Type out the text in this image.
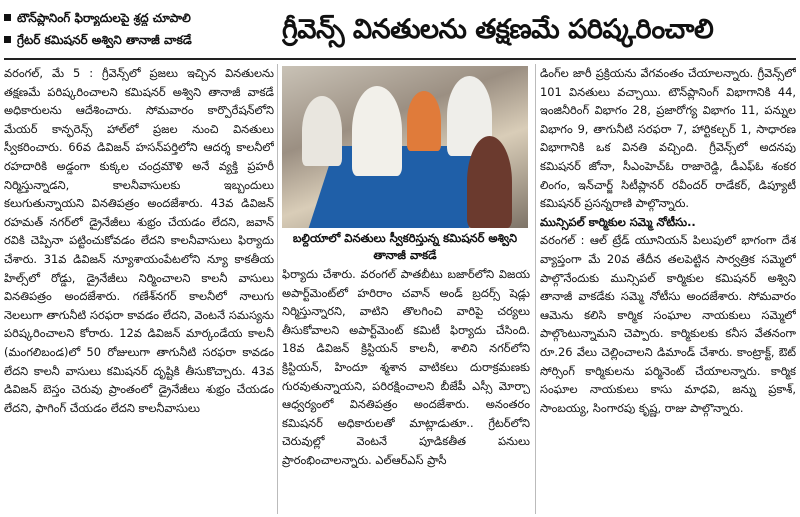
టౌన్‌ప్లానింగ్ ఫిర్యాదులపై శ్రద్ధ చూపాలి
గ్రేటర్ కమిషనర్ అశ్విని తానాజీ వాకడే	గ్రీవెన్స్ వినతులను తక్షణమే పరిష్కరించాలి

వరంగల్, మే 5 : గ్రీవెన్స్‌లో ప్రజలు ఇచ్చిన వినతులను తక్షణమే పరిష్కరించాలని కమిషనర్ అశ్విని తానాజీ వాకడే అధికారులను ఆదేశించారు. సోమవారం కార్పొరేషన్‌లోని మేయర్ కాన్ఫరెన్స్ హాల్‌లో ప్రజల నుంచి వినతులు స్వీకరించారు. 66వ డివిజన్ హసన్‌పర్తిలోని ఆదర్శ కాలనీలో రహదారికి అడ్డంగా కుక్కల చంద్రమౌళి అనే వ్యక్తి ప్రహరీ నిర్మిస్తున్నాడని, కాలనీవాసులకు ఇబ్బందులు కలుగుతున్నాయని వినతిపత్రం అందజేశారు. 43వ డివిజన్ రహమత్ నగర్‌లో డ్రైనేజీలు శుభ్రం చేయడం లేదని, జవాన్ రవికి చెప్పినా పట్టించుకోవడం లేదని కాలనీవాసులు ఫిర్యాదు చేశారు. 31వ డివిజన్ న్యూశాయంపేటలోని న్యూ కాకతీయ హిల్స్‌లో రోడ్డు, డ్రైనేజీలు నిర్మించాలని కాలనీ వాసులు వినతిపత్రం అందజేశారు. గణేశ్‌నగర్ కాలనీలో నాలుగు నెలలుగా తాగునీటి సరఫరా కావడం లేదని, వెంటనే సమస్యను పరిష్కరించాలని కోరారు. 12వ డివిజన్ మార్కండేయ కాలనీ (మంగలిబండ)లో 50 రోజులుగా తాగునీటి సరఫరా కావడం లేదని కాలనీ వాసులు కమిషనర్ దృష్టికి తీసుకొచ్చారు. 43వ డివిజన్ బెస్తం చెరువు ప్రాంతంలో డ్రైనేజీలు శుభ్రం చేయడం లేదని, ఫాగింగ్ చేయడం లేదని కాలనీవాసులు

బల్దియాలో వినతులు స్వీకరిస్తున్న కమిషనర్ అశ్విని తానాజీ వాకడే

ఫిర్యాదు చేశారు. వరంగల్ పాతబీటు బజార్‌లోని విజయ అపార్ట్‌మెంట్‌లో హరిరాం చవాన్ అండ్ బ్రదర్స్ షెడ్లు నిర్మిస్తున్నారని, వాటిని తొలగించి వారిపై చర్యలు తీసుకోవాలని అపార్ట్‌మెంట్ కమిటీ ఫిర్యాదు చేసింది. 18వ డివిజన్ క్రిస్టియన్ కాలనీ, శాలిని నగర్‌లోని క్రిస్టియన్, హిందూ శ్మశాన వాటికలు దురాక్రమణకు గురవుతున్నాయని, పరిరక్షించాలని బీజేపీ ఎస్సీ మోర్చా ఆధ్వర్యంలో వినతిపత్రం అందజేశారు. అనంతరం కమిషనర్ అధికారులతో మాట్లాడుతూ.. గ్రేటర్‌లోని చెరువుల్లో వెంటనే పూడికతీత పనులు ప్రారంభించాలన్నారు. ఎల్‌ఆర్‌ఎస్ ప్రాసీ

డింగ్‌ల జారీ ప్రక్రియను వేగవంతం చేయాలన్నారు. గ్రీవెన్స్‌లో 101 వినతులు వచ్చాయి. టౌన్‌ప్లానింగ్ విభాగానికి 44, ఇంజినీరింగ్ విభాగం 28, ప్రజారోగ్య విభాగం 11, పన్నుల విభాగం 9, తాగునీటి సరఫరా 7, హార్టికల్చర్ 1, సాధారణ విభాగానికి ఒక వినతి వచ్చింది. గ్రీవెన్స్‌లో అదనపు కమిషనర్ జోనా, సీఎంహెచ్‌ఓ రాజారెడ్డి, డీఎఫ్‌ఓ శంకర లింగం, ఇన్‌చార్జ్ సిటీప్లానర్ రవీందర్ రాడేకర్, డిప్యూటీ కమిషనర్ ప్రసన్నరాణి పాల్గొన్నారు.

మున్సిపల్ కార్మికుల సమ్మె నోటీసు..

వరంగల్ : ఆల్ ట్రేడ్ యూనియన్ పిలుపులో భాగంగా దేశ వ్యాప్తంగా మే 20వ తేదీన తలపెట్టిన సార్వత్రిక సమ్మెలో పాల్గొనేందుకు మున్సిపల్ కార్మికుల కమిషనర్ అశ్విని తానాజీ వాకడేకు సమ్మె నోటీసు అందజేశారు. సోమవారం ఆమెను కలిసి కార్మిక సంఘాల నాయకులు సమ్మెలో పాల్గొంటున్నామని చెప్పారు. కార్మికులకు కనీస వేతనంగా రూ.26 వేలు చెల్లించాలని డిమాండ్ చేశారు. కాంట్రాక్ట్, ఔట్ సోర్సింగ్ కార్మికులను పర్మినెంట్ చేయాలన్నారు. కార్మిక సంఘాల నాయకులు కాసు మాధవి, జన్ను ప్రకాశ్, సాంబయ్య, సింగారపు కృష్ణ, రాజు పాల్గొన్నారు.
